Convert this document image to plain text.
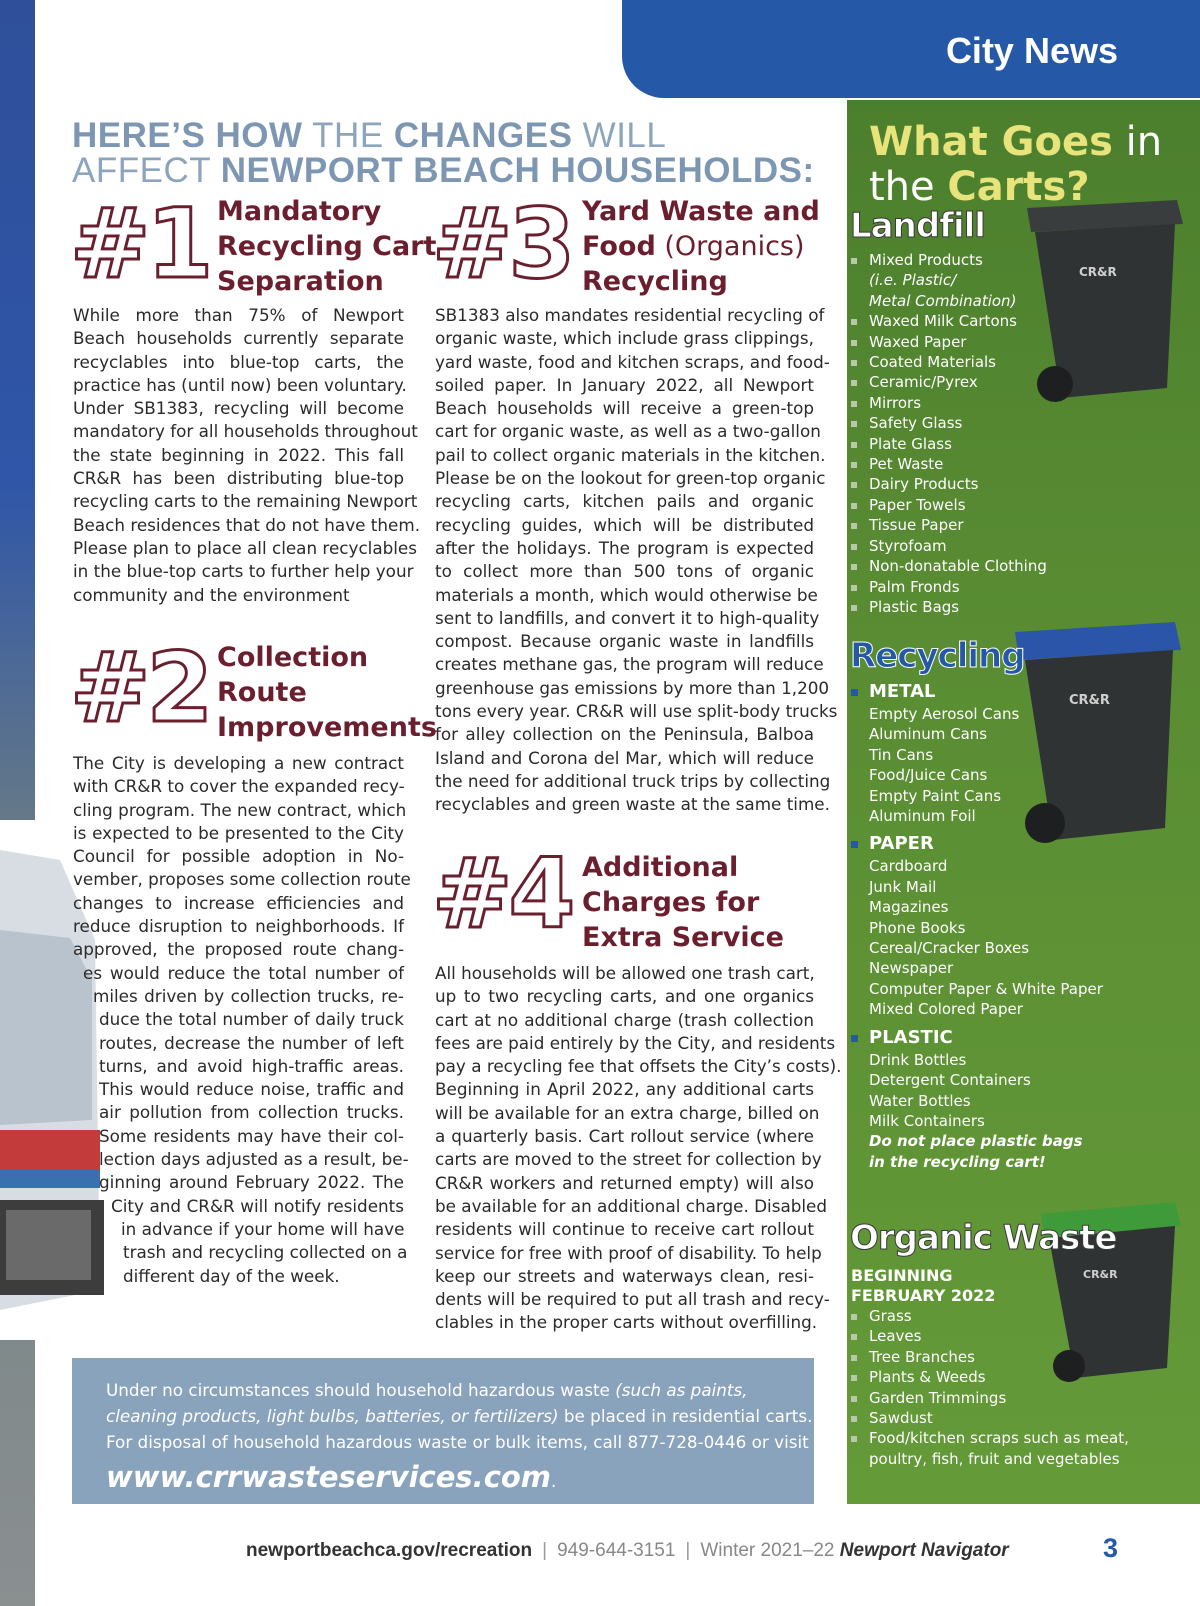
City News
HERE’S HOW THE CHANGES WILL
AFFECT NEWPORT BEACH HOUSEHOLDS:
#1 Mandatory
Recycling Cart
Separation
While more than 75% of Newport
Beach households currently separate
recyclables into blue-top carts, the
practice has (until now) been voluntary.
Under SB1383, recycling will become
mandatory for all households throughout
the state beginning in 2022. This fall
CR&R has been distributing blue-top
recycling carts to the remaining Newport
Beach residences that do not have them.
Please plan to place all clean recyclables
in the blue-top carts to further help your
community and the environment
#2 Collection
Route
Improvements
The City is developing a new contract
with CR&R to cover the expanded recy-
cling program. The new contract, which
is expected to be presented to the City
Council for possible adoption in No-
vember, proposes some collection route
changes to increase efficiencies and
reduce disruption to neighborhoods. If
approved, the proposed route chang-
es would reduce the total number of
miles driven by collection trucks, re-
duce the total number of daily truck
routes, decrease the number of left
turns, and avoid high-traffic areas.
This would reduce noise, traffic and
air pollution from collection trucks.
Some residents may have their col-
lection days adjusted as a result, be-
ginning around February 2022. The
City and CR&R will notify residents
in advance if your home will have
trash and recycling collected on a
different day of the week.
#3 Yard Waste and
Food (Organics)
Recycling
SB1383 also mandates residential recycling of
organic waste, which include grass clippings,
yard waste, food and kitchen scraps, and food-
soiled paper. In January 2022, all Newport
Beach households will receive a green-top
cart for organic waste, as well as a two-gallon
pail to collect organic materials in the kitchen.
Please be on the lookout for green-top organic
recycling carts, kitchen pails and organic
recycling guides, which will be distributed
after the holidays. The program is expected
to collect more than 500 tons of organic
materials a month, which would otherwise be
sent to landfills, and convert it to high-quality
compost. Because organic waste in landfills
creates methane gas, the program will reduce
greenhouse gas emissions by more than 1,200
tons every year. CR&R will use split-body trucks
for alley collection on the Peninsula, Balboa
Island and Corona del Mar, which will reduce
the need for additional truck trips by collecting
recyclables and green waste at the same time.
#4 Additional
Charges for
Extra Service
All households will be allowed one trash cart,
up to two recycling carts, and one organics
cart at no additional charge (trash collection
fees are paid entirely by the City, and residents
pay a recycling fee that offsets the City’s costs).
Beginning in April 2022, any additional carts
will be available for an extra charge, billed on
a quarterly basis. Cart rollout service (where
carts are moved to the street for collection by
CR&R workers and returned empty) will also
be available for an additional charge. Disabled
residents will continue to receive cart rollout
service for free with proof of disability. To help
keep our streets and waterways clean, resi-
dents will be required to put all trash and recy-
clables in the proper carts without overfilling.
Under no circumstances should household hazardous waste (such as paints,
cleaning products, light bulbs, batteries, or fertilizers) be placed in residential carts.
For disposal of household hazardous waste or bulk items, call 877-728-0446 or visit
www.crrwasteservices.com.
What Goes in
the Carts?
CR&R
Landfill
Mixed Products
(i.e. Plastic/
Metal Combination)
Waxed Milk Cartons
Waxed Paper
Coated Materials
Ceramic/Pyrex
Mirrors
Safety Glass
Plate Glass
Pet Waste
Dairy Products
Paper Towels
Tissue Paper
Styrofoam
Non-donatable Clothing
Palm Fronds
Plastic Bags
CR&R
Recycling
METAL
Empty Aerosol Cans
Aluminum Cans
Tin Cans
Food/Juice Cans
Empty Paint Cans
Aluminum Foil
PAPER
Cardboard
Junk Mail
Magazines
Phone Books
Cereal/Cracker Boxes
Newspaper
Computer Paper & White Paper
Mixed Colored Paper
PLASTIC
Drink Bottles
Detergent Containers
Water Bottles
Milk Containers
Do not place plastic bags
in the recycling cart!
CR&R
Organic Waste
BEGINNING
FEBRUARY 2022
Grass
Leaves
Tree Branches
Plants & Weeds
Garden Trimmings
Sawdust
Food/kitchen scraps such as meat,
poultry, fish, fruit and vegetables
newportbeachca.gov/recreation | 949-644-3151 | Winter 2021–22 Newport Navigator	3
